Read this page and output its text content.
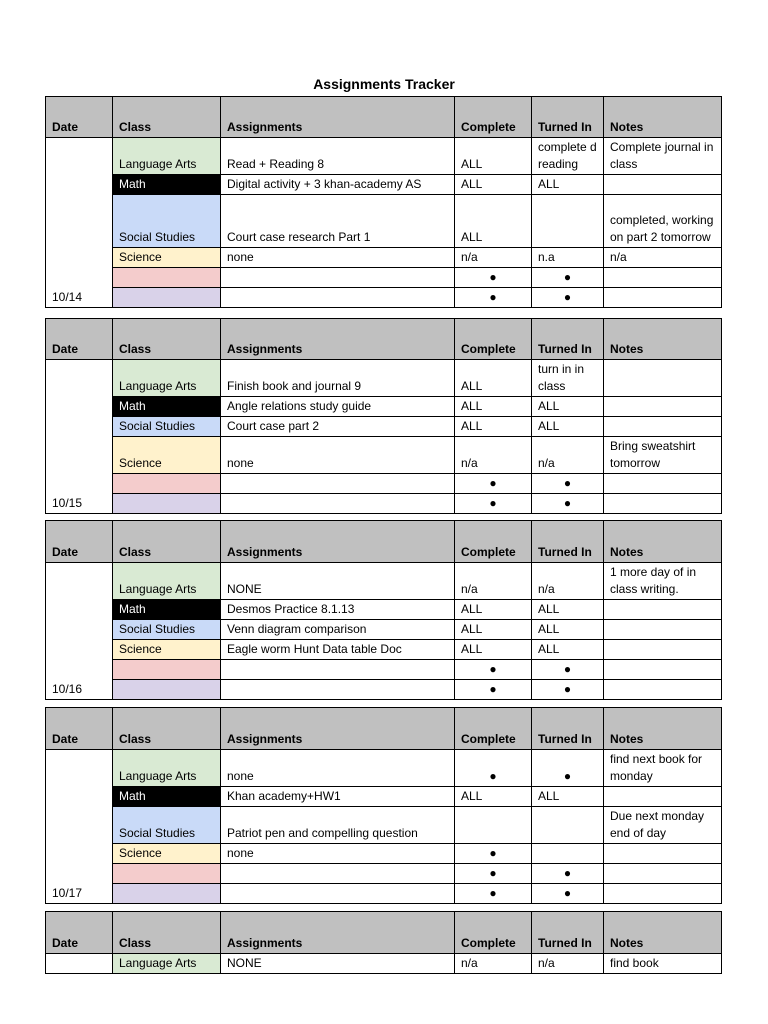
Assignments Tracker
Date	Class	Assignments	Complete	Turned In	Notes
10/14	Language Arts	Read + Reading 8	ALL	complete d reading	Complete journal in class
	Math	Digital activity + 3 khan-academy AS	ALL	ALL	
	Social Studies	Court case research Part 1	ALL		completed, working on part 2 tomorrow
	Science	none	n/a	n.a	n/a
			●	●	
			●	●	
Date	Class	Assignments	Complete	Turned In	Notes
10/15	Language Arts	Finish book and journal 9	ALL	turn in in class	
	Math	Angle relations study guide	ALL	ALL	
	Social Studies	Court case part 2	ALL	ALL	
	Science	none	n/a	n/a	Bring sweatshirt tomorrow
			●	●	
			●	●	
Date	Class	Assignments	Complete	Turned In	Notes
10/16	Language Arts	NONE	n/a	n/a	1 more day of in class writing.
	Math	Desmos Practice 8.1.13	ALL	ALL	
	Social Studies	Venn diagram comparison	ALL	ALL	
	Science	Eagle worm Hunt Data table Doc	ALL	ALL	
			●	●	
			●	●	
Date	Class	Assignments	Complete	Turned In	Notes
10/17	Language Arts	none	●	●	find next book for monday
	Math	Khan academy+HW1	ALL	ALL	
	Social Studies	Patriot pen and compelling question			Due next monday end of day
	Science	none	●		
			●	●	
			●	●	
Date	Class	Assignments	Complete	Turned In	Notes
	Language Arts	NONE	n/a	n/a	find book
